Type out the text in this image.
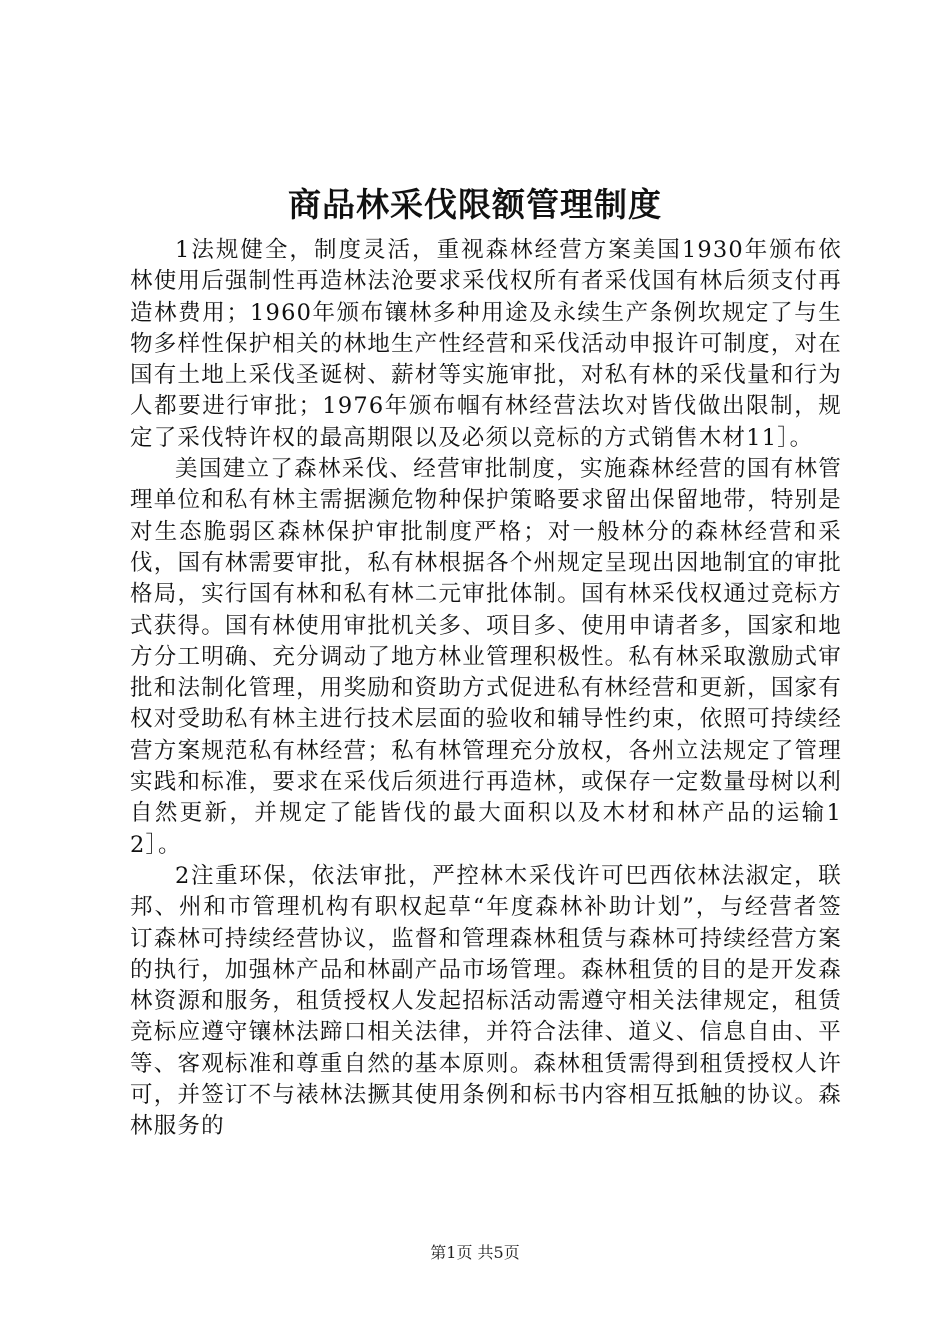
商品林采伐限额管理制度

1法规健全，制度灵活，重视森林经营方案美国1930年颁布依林使用后强制性再造林法沧要求采伐权所有者采伐国有林后须支付再造林费用；1960年颁布镶林多种用途及永续生产条例坎规定了与生物多样性保护相关的林地生产性经营和采伐活动申报许可制度，对在国有土地上采伐圣诞树、薪材等实施审批，对私有林的采伐量和行为人都要进行审批；1976年颁布帼有林经营法坎对皆伐做出限制，规定了采伐特许权的最高期限以及必须以竞标的方式销售木材11］。

美国建立了森林采伐、经营审批制度，实施森林经营的国有林管理单位和私有林主需据濒危物种保护策略要求留出保留地带，特别是对生态脆弱区森林保护审批制度严格；对一般林分的森林经营和采伐，国有林需要审批，私有林根据各个州规定呈现出因地制宜的审批格局，实行国有林和私有林二元审批体制。国有林采伐权通过竞标方式获得。国有林使用审批机关多、项目多、使用申请者多，国家和地方分工明确、充分调动了地方林业管理积极性。私有林采取激励式审批和法制化管理，用奖励和资助方式促进私有林经营和更新，国家有权对受助私有林主进行技术层面的验收和辅导性约束，依照可持续经营方案规范私有林经营；私有林管理充分放权，各州立法规定了管理实践和标准，要求在采伐后须进行再造林，或保存一定数量母树以利自然更新，并规定了能皆伐的最大面积以及木材和林产品的运输12］。

2注重环保，依法审批，严控林木采伐许可巴西依林法淑定，联邦、州和市管理机构有职权起草“年度森林补助计划”，与经营者签订森林可持续经营协议，监督和管理森林租赁与森林可持续经营方案的执行，加强林产品和林副产品市场管理。森林租赁的目的是开发森林资源和服务，租赁授权人发起招标活动需遵守相关法律规定，租赁竞标应遵守镶林法蹄口相关法律，并符合法律、道义、信息自由、平等、客观标准和尊重自然的基本原则。森林租赁需得到租赁授权人许可，并签订不与裱林法撅其使用条例和标书内容相互抵触的协议。森林服务的

第1页 共5页
